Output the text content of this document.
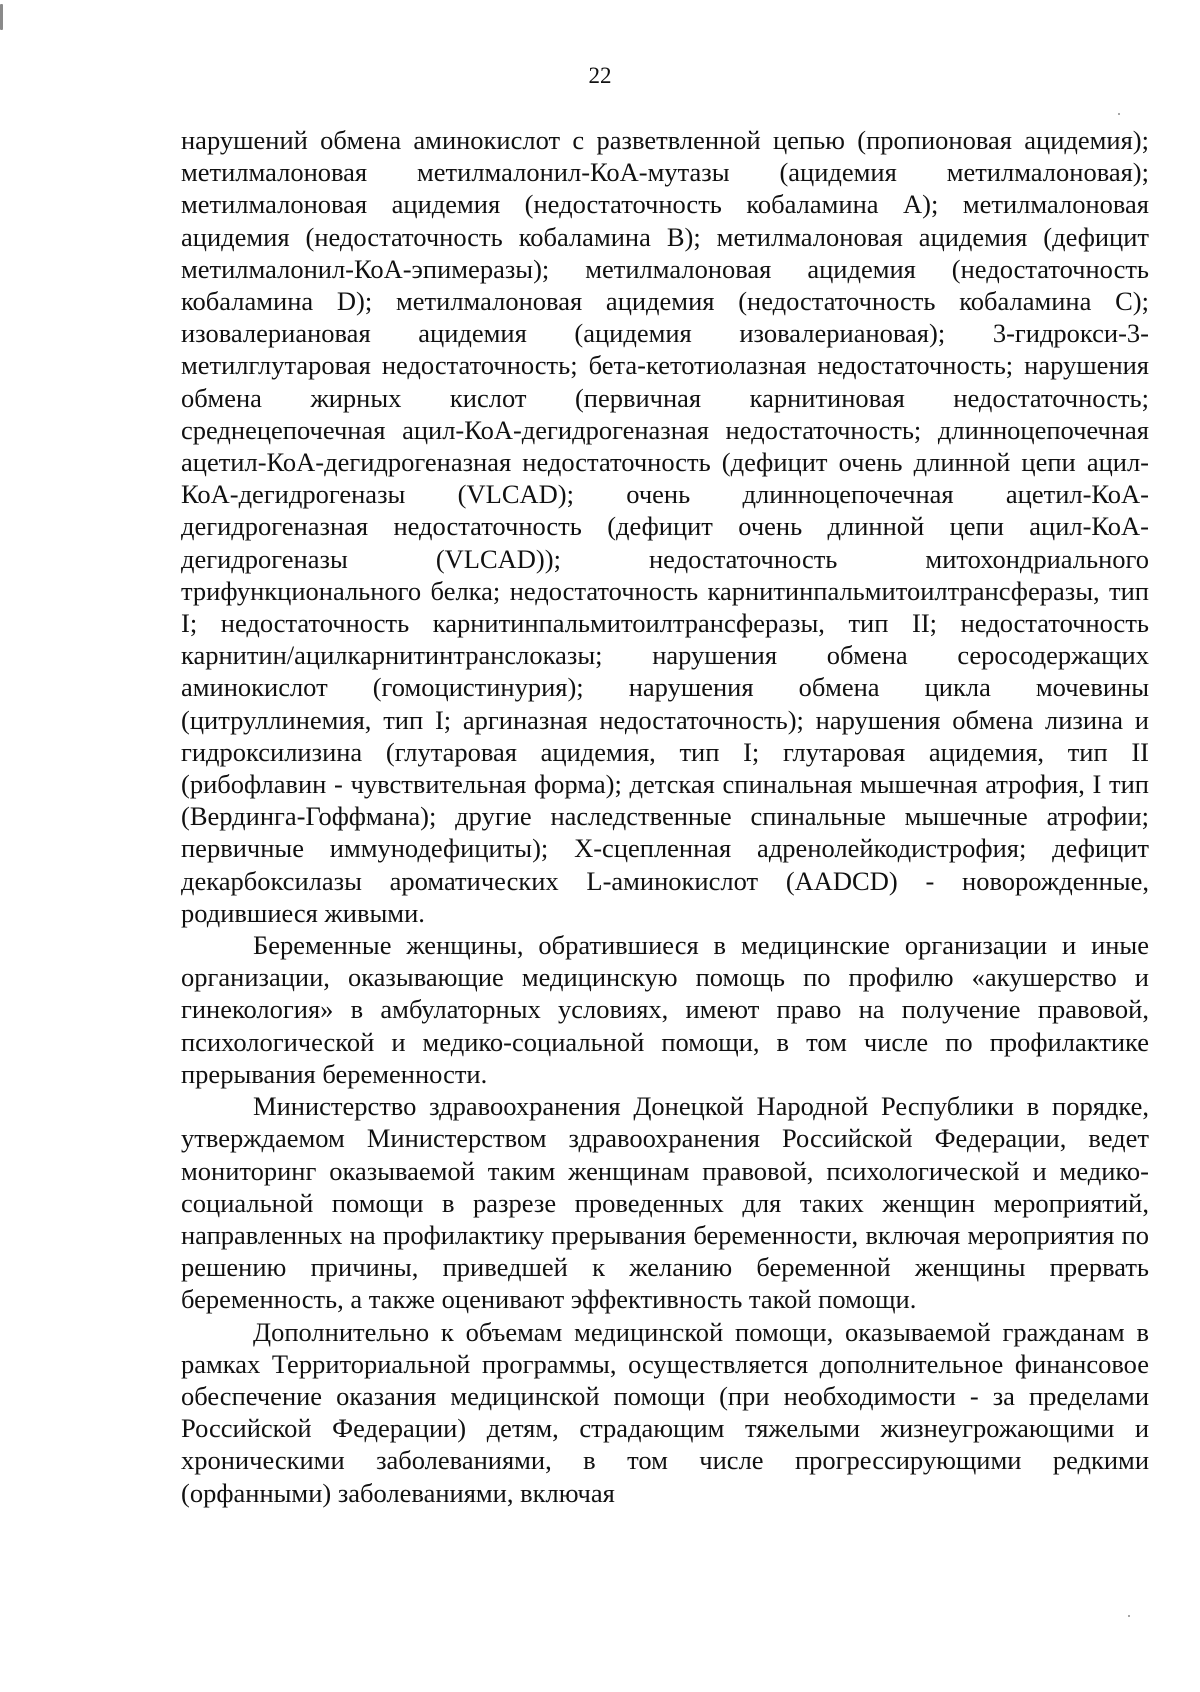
22

нарушений обмена аминокислот с разветвленной цепью (пропионовая ацидемия); метилмалоновая метилмалонил-КоА-мутазы (ацидемия метилмалоновая); метилмалоновая ацидемия (недостаточность кобаламина А); метилмалоновая ацидемия (недостаточность кобаламина В); метилмалоновая ацидемия (дефицит метилмалонил-КоА-эпимеразы); метилмалоновая ацидемия (недостаточность кобаламина D); метилмалоновая ацидемия (недостаточность кобаламина С); изовалериановая ацидемия (ацидемия изовалериановая); 3-гидрокси-3-метилглутаровая недостаточность; бета-кетотиолазная недостаточность; нарушения обмена жирных кислот (первичная карнитиновая недостаточность; среднецепочечная ацил-КоА-дегидрогеназная недостаточность; длинноцепочечная ацетил-КоА-дегидрогеназная недостаточность (дефицит очень длинной цепи ацил-КоА-дегидрогеназы (VLCAD); очень длинноцепочечная ацетил-КоА-дегидрогеназная недостаточность (дефицит очень длинной цепи ацил-КоА-дегидрогеназы (VLCAD)); недостаточность митохондриального трифункционального белка; недостаточность карнитинпальмитоилтрансферазы, тип I; недостаточность карнитинпальмитоилтрансферазы, тип II; недостаточность карнитин/ацилкарнитинтранслоказы; нарушения обмена серосодержащих аминокислот (гомоцистинурия); нарушения обмена цикла мочевины (цитруллинемия, тип I; аргиназная недостаточность); нарушения обмена лизина и гидроксилизина (глутаровая ацидемия, тип I; глутаровая ацидемия, тип II (рибофлавин - чувствительная форма); детская спинальная мышечная атрофия, I тип (Вердинга-Гоффмана); другие наследственные спинальные мышечные атрофии; первичные иммунодефициты); Х-сцепленная адренолейкодистрофия; дефицит декарбоксилазы ароматических L-аминокислот (AADCD) - новорожденные, родившиеся живыми.

Беременные женщины, обратившиеся в медицинские организации и иные организации, оказывающие медицинскую помощь по профилю «акушерство и гинекология» в амбулаторных условиях, имеют право на получение правовой, психологической и медико-социальной помощи, в том числе по профилактике прерывания беременности.

Министерство здравоохранения Донецкой Народной Республики в порядке, утверждаемом Министерством здравоохранения Российской Федерации, ведет мониторинг оказываемой таким женщинам правовой, психологической и медико-социальной помощи в разрезе проведенных для таких женщин мероприятий, направленных на профилактику прерывания беременности, включая мероприятия по решению причины, приведшей к желанию беременной женщины прервать беременность, а также оценивают эффективность такой помощи.

Дополнительно к объемам медицинской помощи, оказываемой гражданам в рамках Территориальной программы, осуществляется дополнительное финансовое обеспечение оказания медицинской помощи (при необходимости - за пределами Российской Федерации) детям, страдающим тяжелыми жизнеугрожающими и хроническими заболеваниями, в том числе прогрессирующими редкими (орфанными) заболеваниями, включая
